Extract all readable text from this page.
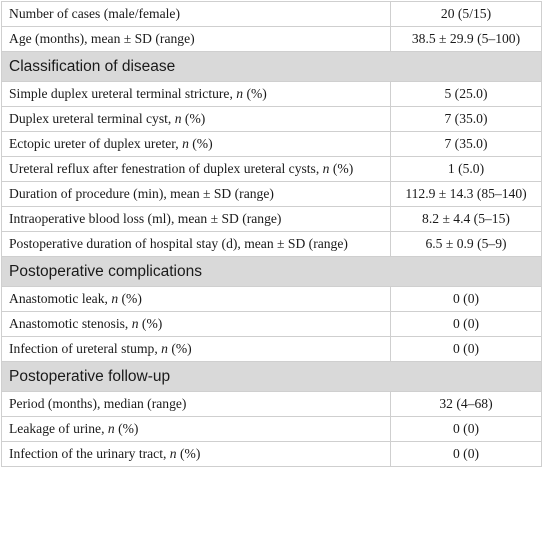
Number of cases (male/female)	20 (5/15)
Age (months), mean ± SD (range)	38.5 ± 29.9 (5–100)
Classification of disease	
Simple duplex ureteral terminal stricture, n (%)	5 (25.0)
Duplex ureteral terminal cyst, n (%)	7 (35.0)
Ectopic ureter of duplex ureter, n (%)	7 (35.0)
Ureteral reflux after fenestration of duplex ureteral cysts, n (%)	1 (5.0)
Duration of procedure (min), mean ± SD (range)	112.9 ± 14.3 (85–140)
Intraoperative blood loss (ml), mean ± SD (range)	8.2 ± 4.4 (5–15)
Postoperative duration of hospital stay (d), mean ± SD (range)	6.5 ± 0.9 (5–9)
Postoperative complications	
Anastomotic leak, n (%)	0 (0)
Anastomotic stenosis, n (%)	0 (0)
Infection of ureteral stump, n (%)	0 (0)
Postoperative follow-up	
Period (months), median (range)	32 (4–68)
Leakage of urine, n (%)	0 (0)
Infection of the urinary tract, n (%)	0 (0)
